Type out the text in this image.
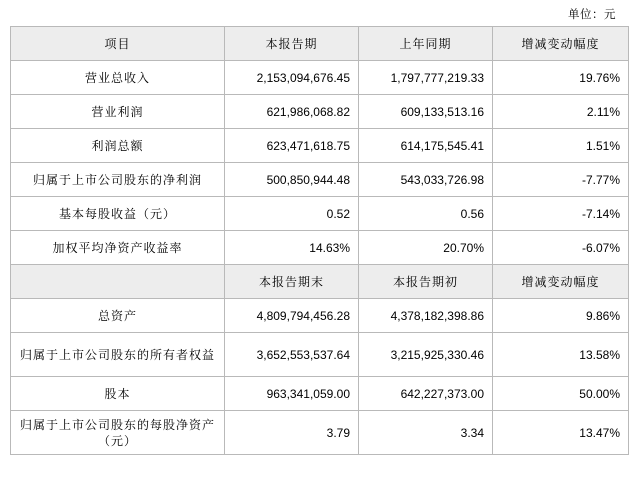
单位：元
项目	本报告期	上年同期	增减变动幅度
营业总收入	2,153,094,676.45	1,797,777,219.33	19.76%
营业利润	621,986,068.82	609,133,513.16	2.11%
利润总额	623,471,618.75	614,175,545.41	1.51%
归属于上市公司股东的净利润	500,850,944.48	543,033,726.98	-7.77%
基本每股收益（元）	0.52	0.56	-7.14%
加权平均净资产收益率	14.63%	20.70%	-6.07%
	本报告期末	本报告期初	增减变动幅度
总资产	4,809,794,456.28	4,378,182,398.86	9.86%
归属于上市公司股东的所有者权益	3,652,553,537.64	3,215,925,330.46	13.58%
股本	963,341,059.00	642,227,373.00	50.00%
归属于上市公司股东的每股净资产（元）	3.79	3.34	13.47%
